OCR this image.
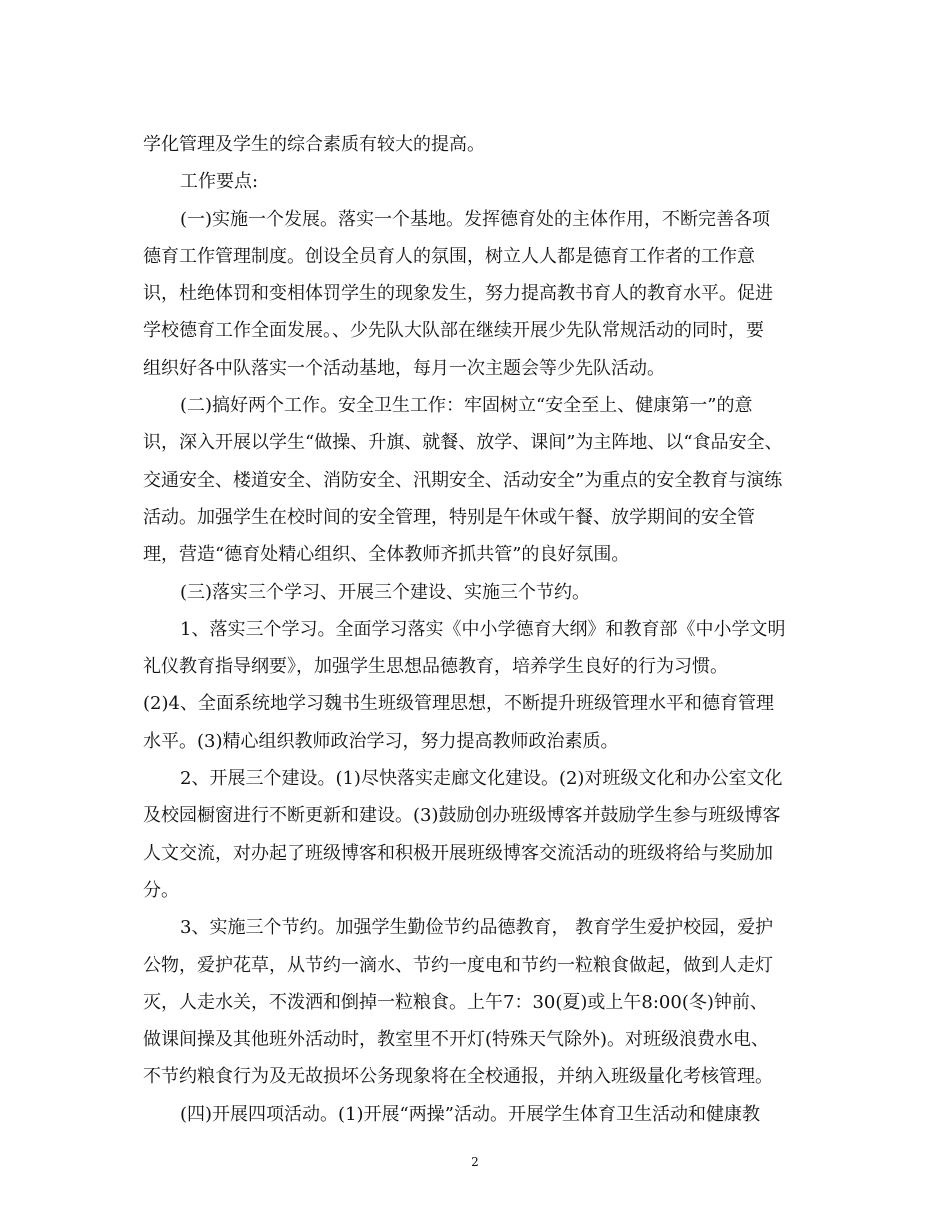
学化管理及学生的综合素质有较大的提高。

工作要点:

(一)实施一个发展。落实一个基地。发挥德育处的主体作用，不断完善各项

德育工作管理制度。创设全员育人的氛围，树立人人都是德育工作者的工作意

识，杜绝体罚和变相体罚学生的现象发生，努力提高教书育人的教育水平。促进

学校德育工作全面发展。、少先队大队部在继续开展少先队常规活动的同时，要

组织好各中队落实一个活动基地，每月一次主题会等少先队活动。

(二)搞好两个工作。安全卫生工作：牢固树立“安全至上、健康第一”的意

识，深入开展以学生“做操、升旗、就餐、放学、课间”为主阵地、以“食品安全、

交通安全、楼道安全、消防安全、汛期安全、活动安全”为重点的安全教育与演练

活动。加强学生在校时间的安全管理，特别是午休或午餐、放学期间的安全管

理，营造“德育处精心组织、全体教师齐抓共管”的良好氛围。

(三)落实三个学习、开展三个建设、实施三个节约。

1、落实三个学习。全面学习落实《中小学德育大纲》和教育部《中小学文明

礼仪教育指导纲要》，加强学生思想品德教育，培养学生良好的行为习惯。

(2)4、全面系统地学习魏书生班级管理思想，不断提升班级管理水平和德育管理

水平。(3)精心组织教师政治学习，努力提高教师政治素质。

2、开展三个建设。(1)尽快落实走廊文化建设。(2)对班级文化和办公室文化

及校园橱窗进行不断更新和建设。(3)鼓励创办班级博客并鼓励学生参与班级博客

人文交流，对办起了班级博客和积极开展班级博客交流活动的班级将给与奖励加

分。

3、实施三个节约。加强学生勤俭节约品德教育， 教育学生爱护校园，爱护

公物，爱护花草，从节约一滴水、节约一度电和节约一粒粮食做起，做到人走灯

灭，人走水关，不泼洒和倒掉一粒粮食。上午7：30(夏)或上午8:00(冬)钟前、

做课间操及其他班外活动时，教室里不开灯(特殊天气除外)。对班级浪费水电、

不节约粮食行为及无故损坏公务现象将在全校通报，并纳入班级量化考核管理。

(四)开展四项活动。(1)开展“两操”活动。开展学生体育卫生活动和健康教

2
